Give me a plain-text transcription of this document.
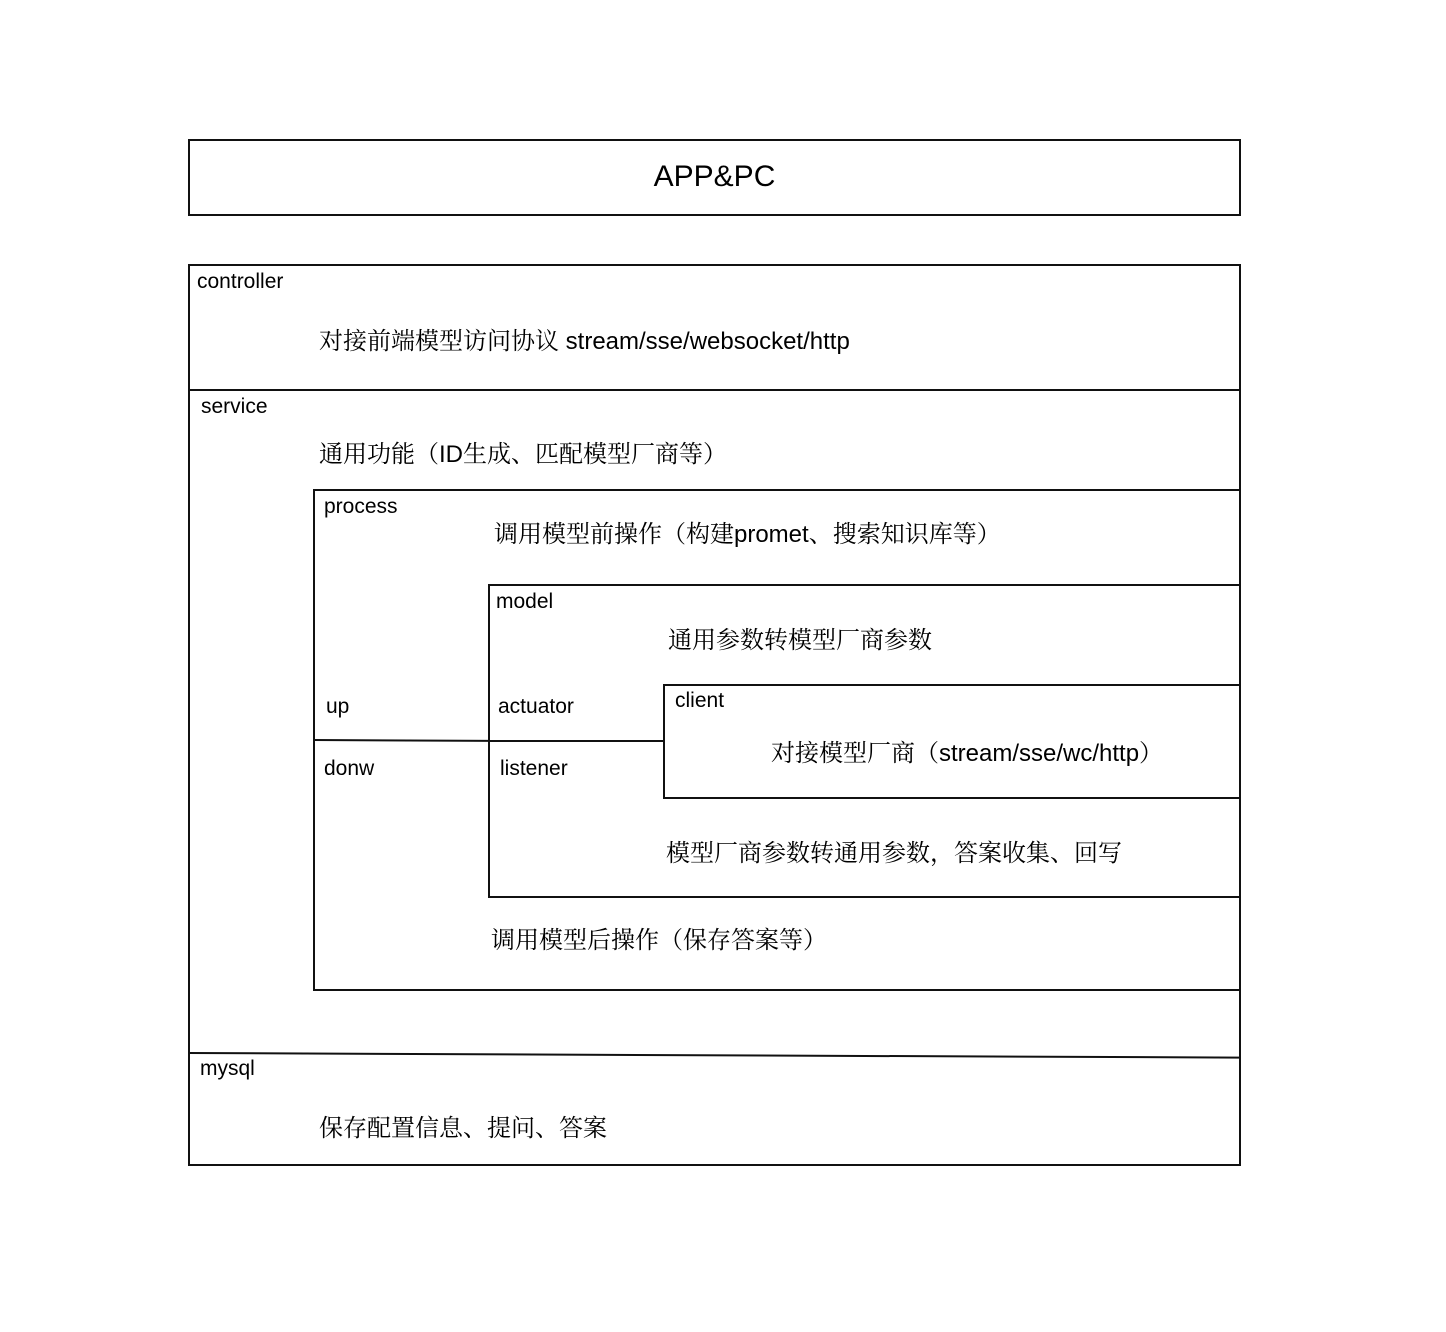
APP&PC
controller
对接前端模型访问协议 stream/sse/websocket/http
service
通用功能（ID生成、匹配模型厂商等）
process
调用模型前操作（构建promet、搜索知识库等）
up
donw
调用模型后操作（保存答案等）
model
通用参数转模型厂商参数
actuator
listener
模型厂商参数转通用参数，答案收集、回写
client
对接模型厂商（stream/sse/wc/http）
mysql
保存配置信息、提问、答案
